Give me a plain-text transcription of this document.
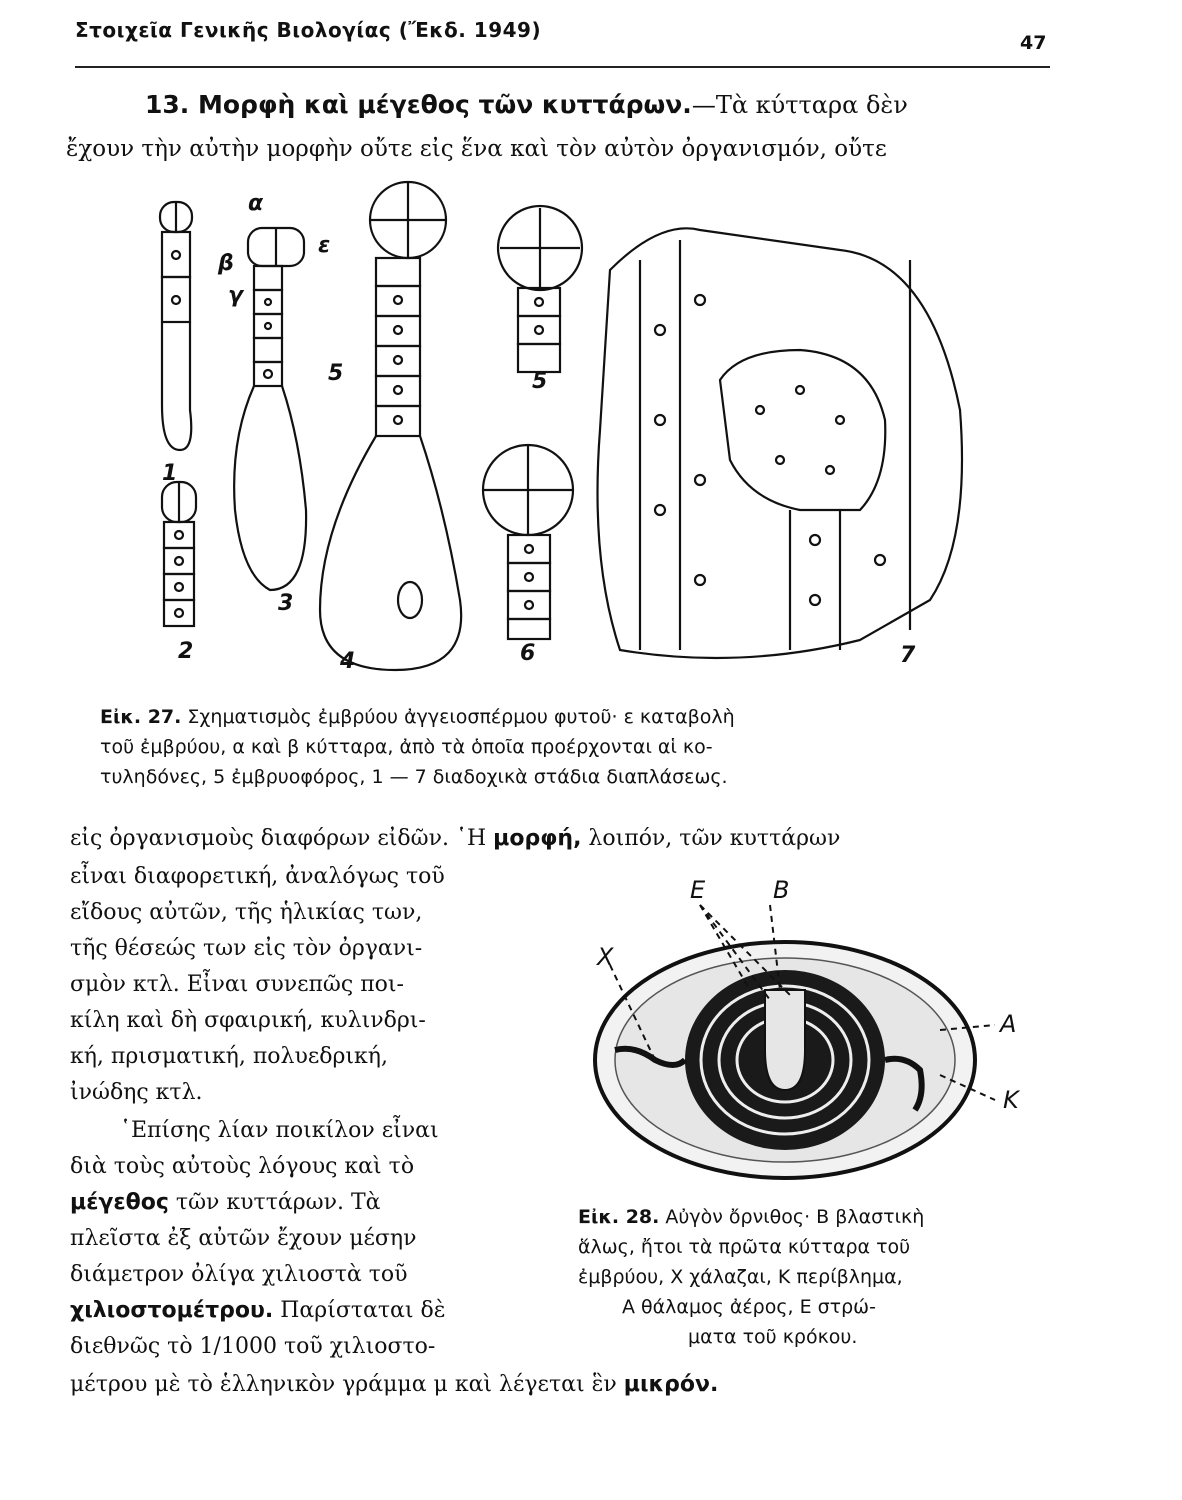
Στοιχεῖα Γενικῆς Βιολογίας (Ἔκδ. 1949)
47
13. Μορφὴ καὶ μέγεθος τῶν κυττάρων.—Τὰ κύτταρα δὲν
ἔχουν τὴν αὐτὴν μορφὴν οὔτε εἰς ἕνα καὶ τὸν αὐτὸν ὀργανισμόν, οὔτε
1
2
3
4
5
6	7
α
β
γ
ε
5
Εἰκ. 27. Σχηματισμὸς ἐμβρύου ἀγγειοσπέρμου φυτοῦ· ε καταβολὴ
τοῦ ἐμβρύου, α καὶ β κύτταρα, ἀπὸ τὰ ὁποῖα προέρχονται αἱ κο-
τυληδόνες, 5 ἐμβρυοφόρος, 1 — 7 διαδοχικὰ στάδια διαπλάσεως.
εἰς ὀργανισμοὺς διαφόρων εἰδῶν. ῾Η μορφή, λοιπόν, τῶν κυττάρων
εἶναι διαφορετική, ἀναλόγως τοῦ
εἴδους αὐτῶν, τῆς ἡλικίας των,
τῆς θέσεώς των εἰς τὸν ὀργανι-
σμὸν κτλ. Εἶναι συνεπῶς ποι-
κίλη καὶ δὴ σφαιρική, κυλινδρι-
κή, πρισματική, πολυεδρική,
ἰνώδης κτλ.
῾Επίσης λίαν ποικίλον εἶναι
διὰ τοὺς αὐτοὺς λόγους καὶ τὸ
μέγεθος τῶν κυττάρων. Τὰ
πλεῖστα ἐξ αὐτῶν ἔχουν μέσην
διάμετρον ὀλίγα χιλιοστὰ τοῦ
χιλιοστομέτρου. Παρίσταται δὲ
διεθνῶς τὸ 1/1000 τοῦ χιλιοστο-
μέτρου μὲ τὸ ἑλληνικὸν γράμμα μ καὶ λέγεται ἓν μικρόν.
E	B
X
A
K
Εἰκ. 28. Αὐγὸν ὄρνιθος· Β βλαστικὴ
ἅλως, ἤτοι τὰ πρῶτα κύτταρα τοῦ
ἐμβρύου, Χ χάλαζαι, Κ περίβλημα,
Α θάλαμος ἀέρος, Ε στρώ-
ματα τοῦ κρόκου.
